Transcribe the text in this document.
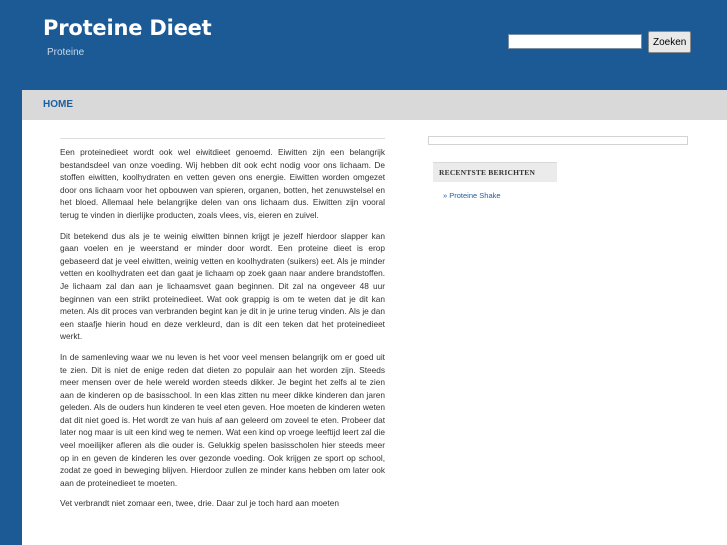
Proteine Dieet
Proteine
Zoeken
HOME

Een proteinedieet wordt ook wel eiwitdieet genoemd. Eiwitten zijn een belangrijk bestandsdeel van onze voeding. Wij hebben dit ook echt nodig voor ons lichaam. De stoffen eiwitten, koolhydraten en vetten geven ons energie. Eiwitten worden omgezet door ons lichaam voor het opbouwen van spieren, organen, botten, het zenuwstelsel en het bloed. Allemaal hele belangrijke delen van ons lichaam dus. Eiwitten zijn vooral terug te vinden in dierlijke producten, zoals vlees, vis, eieren en zuivel.

Dit betekend dus als je te weinig eiwitten binnen krijgt je jezelf hierdoor slapper kan gaan voelen en je weerstand er minder door wordt. Een proteine dieet is erop gebaseerd dat je veel eiwitten, weinig vetten en koolhydraten (suikers) eet. Als je minder vetten en koolhydraten eet dan gaat je lichaam op zoek gaan naar andere brandstoffen. Je lichaam zal dan aan je lichaamsvet gaan beginnen. Dit zal na ongeveer 48 uur beginnen van een strikt proteinedieet. Wat ook grappig is om te weten dat je dit kan meten. Als dit proces van verbranden begint kan je dit in je urine terug vinden. Als je dan een staafje hierin houd en deze verkleurd, dan is dit een teken dat het proteinedieet werkt.

In de samenleving waar we nu leven is het voor veel mensen belangrijk om er goed uit te zien. Dit is niet de enige reden dat dieten zo populair aan het worden zijn. Steeds meer mensen over de hele wereld worden steeds dikker. Je begint het zelfs al te zien aan de kinderen op de basisschool. In een klas zitten nu meer dikke kinderen dan jaren geleden. Als de ouders hun kinderen te veel eten geven. Hoe moeten de kinderen weten dat dit niet goed is. Het wordt ze van huis af aan geleerd om zoveel te eten. Probeer dat later nog maar is uit een kind weg te nemen. Wat een kind op vroege leeftijd leert zal die veel moeilijker afleren als die ouder is. Gelukkig spelen basisscholen hier steeds meer op in en geven de kinderen les over gezonde voeding. Ook krijgen ze sport op school, zodat ze goed in beweging blijven. Hierdoor zullen ze minder kans hebben om later ook aan de proteinedieet te moeten.

Vet verbrandt niet zomaar een, twee, drie. Daar zul je toch hard aan moeten

RECENTSTE BERICHTEN
» Proteine Shake
